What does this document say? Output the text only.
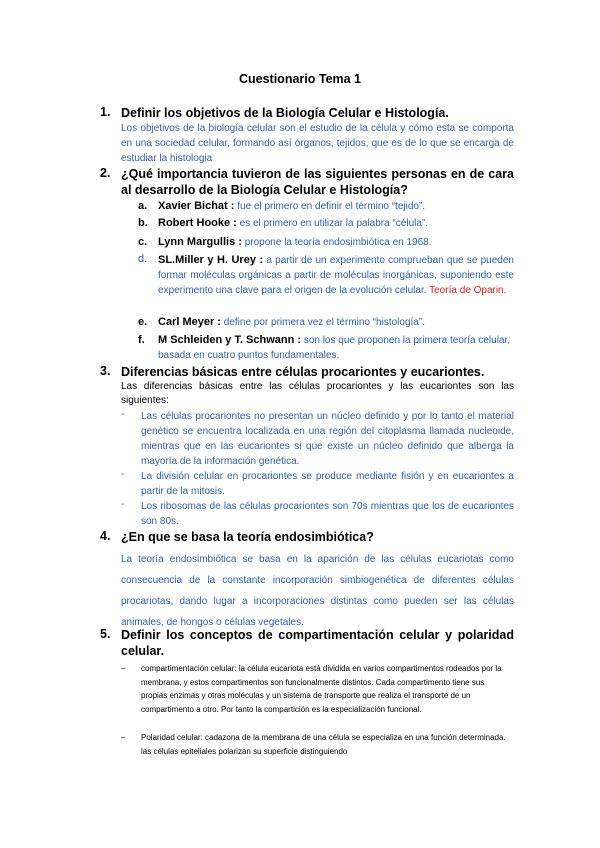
Cuestionario Tema 1
1. Definir los objetivos de la Biología Celular e Histología.
Los objetivos de la biología celular son el estudio de la célula y cómo esta se comporta en una sociedad celular, formando así órganos, tejidos, que es de lo que se encarga de estudiar la histologia
2. ¿Qué importancia tuvieron de las siguientes personas en de cara al desarrollo de la Biología Celular e Histología?
a. Xavier Bichat : fue el primero en definir el término “tejido”.
b. Robert Hooke : es el primero en utilizar la palabra “célula”.
c. Lynn Margullis : propone la teoría endosimbiótica en 1968.
d. SL.Miller y H. Urey : a partir de un experimento comprueban que se pueden formar moléculas orgánicas a partir de moléculas inorgánicas, suponiendo este experimento una clave para el origen de la evolución celular. Teoría de Oparin.
e. Carl Meyer : define por primera vez el término “histología”.
f. M Schleiden y T. Schwann : son los que proponen la primera teoría celular, basada en cuatro puntos fundamentales.
3. Diferencias básicas entre células procariontes y eucariontes.
Las diferencias básicas entre las células procariontes y las eucariontes son las siguientes:
- Las células procariontes no presentan un núcleo definido y por lo tanto el material genético se encuentra localizada en una región del citoplasma llamada nucleoide, mientras que en las eucariontes si que existe un núcleo definido que alberga la mayoría de la información genética.
- La división celular en procariontes se produce mediante fisión y en eucariontes a partir de la mitosis.
- Los ribosomas de las células procariontes son 70s mientras que los de eucariontes son 80s.
4. ¿En que se basa la teoría endosimbiótica?
La teoría endosimbiótica se basa en la aparición de las células eucariotas como consecuencia de la constante incorporación simbiogenética de diferentes células procariotas, dando lugar a incorporaciones distintas como pueden ser las células animales, de hongos o células vegetales.
5. Definir los conceptos de compartimentación celular y polaridad celular.
– compartimentación celular: la célula eucariota está dividida en varios compartimentos rodeados por la membrana, y estos compartimentos son funcionalmente distintos. Cada compartimento tiene sus propias enzimas y otras moléculas y un sistema de transporte que realiza el transporte de un compartimento a otro. Por tanto la compartición es la especialización funcional.
– Polaridad celular: cadazona de la membrana de una célula se especializa en una función determinada. las células epiteliales polarizan su superficie distinguiendo
